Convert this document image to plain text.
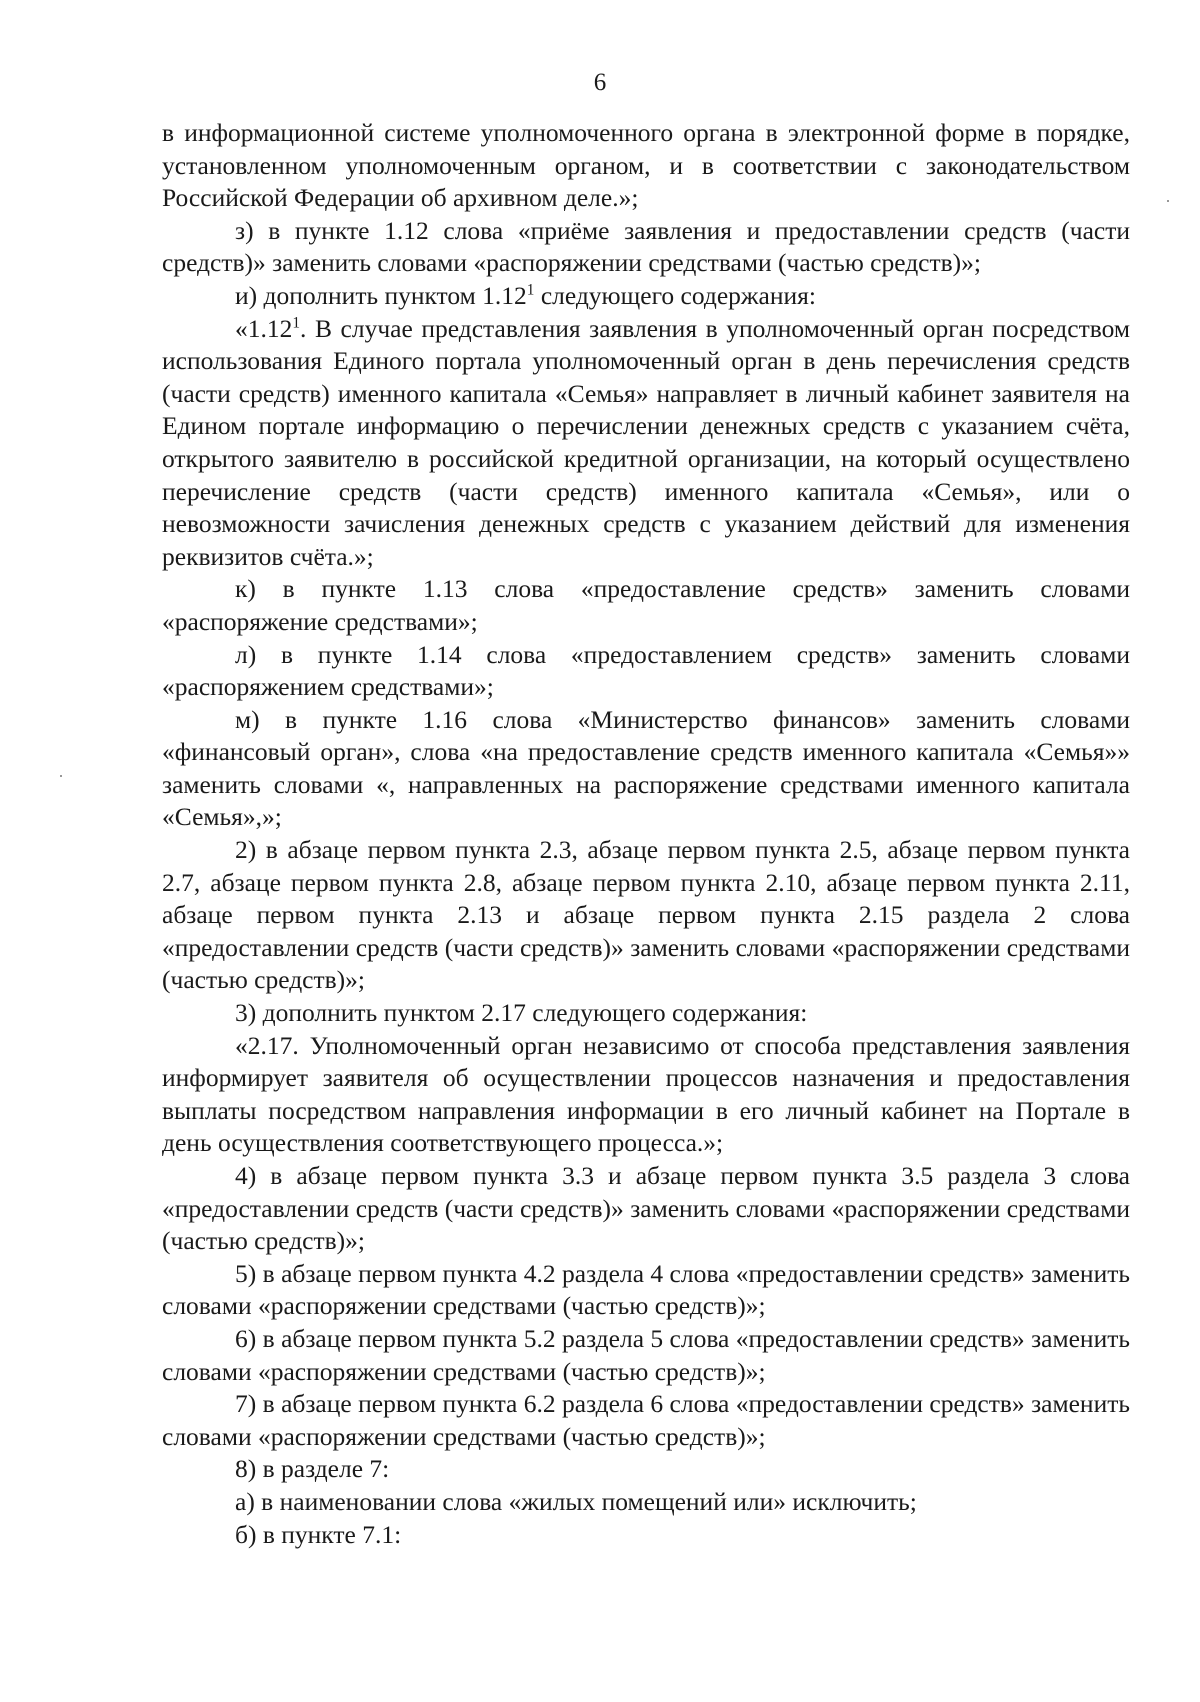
6

в информационной системе уполномоченного органа в электронной форме в порядке, установленном уполномоченным органом, и в соответствии с законодательством Российской Федерации об архивном деле.»;

з) в пункте 1.12 слова «приёме заявления и предоставлении средств (части средств)» заменить словами «распоряжении средствами (частью средств)»;

и) дополнить пунктом 1.12$^1$ следующего содержания:

«1.12$^1$. В случае представления заявления в уполномоченный орган посредством использования Единого портала уполномоченный орган в день перечисления средств (части средств) именного капитала «Семья» направляет в личный кабинет заявителя на Едином портале информацию о перечислении денежных средств с указанием счёта, открытого заявителю в российской кредитной организации, на который осуществлено перечисление средств (части средств) именного капитала «Семья», или о невозможности зачисления денежных средств с указанием действий для изменения реквизитов счёта.»;

к) в пункте 1.13 слова «предоставление средств» заменить словами «распоряжение средствами»;

л) в пункте 1.14 слова «предоставлением средств» заменить словами «распоряжением средствами»;

м) в пункте 1.16 слова «Министерство финансов» заменить словами «финансовый орган», слова «на предоставление средств именного капитала «Семья»» заменить словами «, направленных на распоряжение средствами именного капитала «Семья»,»;

2) в абзаце первом пункта 2.3, абзаце первом пункта 2.5, абзаце первом пункта 2.7, абзаце первом пункта 2.8, абзаце первом пункта 2.10, абзаце первом пункта 2.11, абзаце первом пункта 2.13 и абзаце первом пункта 2.15 раздела 2 слова «предоставлении средств (части средств)» заменить словами «распоряжении средствами (частью средств)»;

3) дополнить пунктом 2.17 следующего содержания:

«2.17. Уполномоченный орган независимо от способа представления заявления информирует заявителя об осуществлении процессов назначения и предоставления выплаты посредством направления информации в его личный кабинет на Портале в день осуществления соответствующего процесса.»;

4) в абзаце первом пункта 3.3 и абзаце первом пункта 3.5 раздела 3 слова «предоставлении средств (части средств)» заменить словами «распоряжении средствами (частью средств)»;

5) в абзаце первом пункта 4.2 раздела 4 слова «предоставлении средств» заменить словами «распоряжении средствами (частью средств)»;

6) в абзаце первом пункта 5.2 раздела 5 слова «предоставлении средств» заменить словами «распоряжении средствами (частью средств)»;

7) в абзаце первом пункта 6.2 раздела 6 слова «предоставлении средств» заменить словами «распоряжении средствами (частью средств)»;

8) в разделе 7:

а) в наименовании слова «жилых помещений или» исключить;

б) в пункте 7.1:
